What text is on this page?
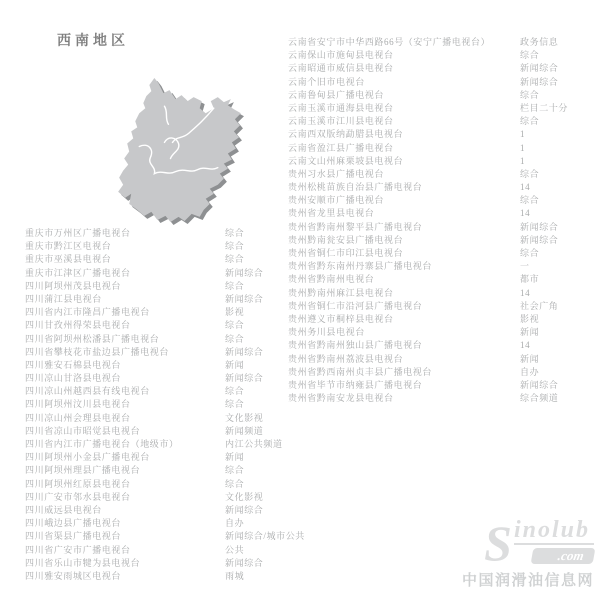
西南地区
重庆市万州区广播电视台	综合
重庆市黔江区电视台	综合
重庆市巫溪县电视台	综合
重庆市江津区广播电视台	新闻综合
四川阿坝州茂县电视台	综合
四川蒲江县电视台	新闻综合
四川省内江市隆昌广播电视台	影视
四川甘孜州得荣县电视台	综合
四川省阿坝州松潘县广播电视台	综合
四川省攀枝花市盐边县广播电视台	新闻综合
四川雅安石棉县电视台	新闻
四川凉山甘洛县电视台	新闻综合
四川凉山州越西县有线电视台	综合
四川阿坝州汶川县电视台	综合
四川凉山州会理县电视台	文化影视
四川省凉山市昭觉县电视台	新闻频道
四川省内江市广播电视台（地级市）	内江公共频道
四川阿坝州小金县广播电视台	新闻
四川阿坝州理县广播电视台	综合
四川阿坝州红原县电视台	综合
四川广安市邻水县电视台	文化影视
四川威远县电视台	新闻综合
四川峨边县广播电视台	自办
四川省渠县广播电视台	新闻综合/城市公共
四川省广安市广播电视台	公共
四川省乐山市犍为县电视台	新闻综合
四川雅安雨城区电视台	雨城
云南省安宁市中华西路66号（安宁广播电视台）	政务信息
云南保山市施甸县电视台	综合
云南昭通市威信县电视台	新闻综合
云南个旧市电视台	新闻综合
云南鲁甸县广播电视台	综合
云南玉溪市通海县电视台	栏目二十分
云南玉溪市江川县电视台	综合
云南西双版纳勐腊县电视台	1
云南省盈江县广播电视台	1
云南文山州麻栗坡县电视台	1
贵州习水县广播电视台	综合
贵州松桃苗族自治县广播电视台	14
贵州安顺市广播电视台	综合
贵州省龙里县电视台	14
贵州省黔南州黎平县广播电视台	新闻综合
贵州黔南瓮安县广播电视台	新闻综合
贵州省铜仁市印江县电视台	综合
贵州省黔东南州丹寨县广播电视台	一
贵州省黔南州电视台	都市
贵州黔南州麻江县电视台	14
贵州省铜仁市沿河县广播电视台	社会广角
贵州遵义市桐梓县电视台	影视
贵州务川县电视台	新闻
贵州省黔南州独山县广播电视台	14
贵州省黔南州荔波县电视台	新闻
贵州省黔西南州贞丰县广播电视台	自办
贵州省毕节市纳雍县广播电视台	新闻综合
贵州省黔南安龙县电视台	综合频道
S inolub
.com
中国润滑油信息网
